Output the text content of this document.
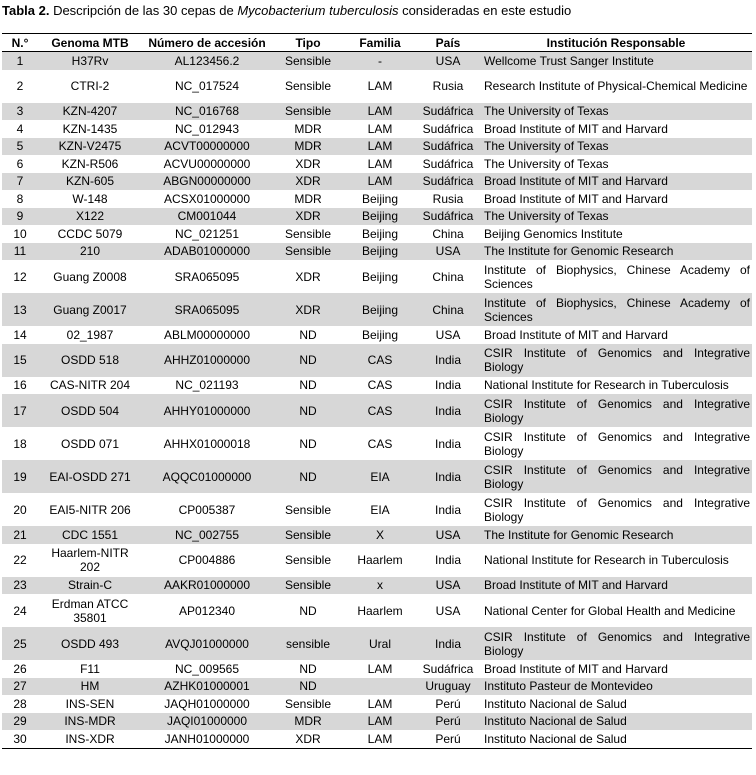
Tabla 2. Descripción de las 30 cepas de Mycobacterium tuberculosis consideradas en este estudio
N.°	Genoma MTB	Número de accesión	Tipo	Familia	País	Institución Responsable
1	H37Rv	AL123456.2	Sensible	-	USA	Wellcome Trust Sanger Institute
2	CTRI-2	NC_017524	Sensible	LAM	Rusia	Research Institute of Physical-Chemical Medicine
3	KZN-4207	NC_016768	Sensible	LAM	Sudáfrica	The University of Texas
4	KZN-1435	NC_012943	MDR	LAM	Sudáfrica	Broad Institute of MIT and Harvard
5	KZN-V2475	ACVT00000000	MDR	LAM	Sudáfrica	The University of Texas
6	KZN-R506	ACVU00000000	XDR	LAM	Sudáfrica	The University of Texas
7	KZN-605	ABGN00000000	XDR	LAM	Sudáfrica	Broad Institute of MIT and Harvard
8	W-148	ACSX01000000	MDR	Beijing	Rusia	Broad Institute of MIT and Harvard
9	X122	CM001044	XDR	Beijing	Sudáfrica	The University of Texas
10	CCDC 5079	NC_021251	Sensible	Beijing	China	Beijing Genomics Institute
11	210	ADAB01000000	Sensible	Beijing	USA	The Institute for Genomic Research
12	Guang Z0008	SRA065095	XDR	Beijing	China	Institute of Biophysics, Chinese Academy of Sciences
13	Guang Z0017	SRA065095	XDR	Beijing	China	Institute of Biophysics, Chinese Academy of Sciences
14	02_1987	ABLM00000000	ND	Beijing	USA	Broad Institute of MIT and Harvard
15	OSDD 518	AHHZ01000000	ND	CAS	India	CSIR Institute of Genomics and Integrative Biology
16	CAS-NITR 204	NC_021193	ND	CAS	India	National Institute for Research in Tuberculosis
17	OSDD 504	AHHY01000000	ND	CAS	India	CSIR Institute of Genomics and Integrative Biology
18	OSDD 071	AHHX01000018	ND	CAS	India	CSIR Institute of Genomics and Integrative Biology
19	EAI-OSDD 271	AQQC01000000	ND	EIA	India	CSIR Institute of Genomics and Integrative Biology
20	EAI5-NITR 206	CP005387	Sensible	EIA	India	CSIR Institute of Genomics and Integrative Biology
21	CDC 1551	NC_002755	Sensible	X	USA	The Institute for Genomic Research
22	Haarlem-NITR 202	CP004886	Sensible	Haarlem	India	National Institute for Research in Tuberculosis
23	Strain-C	AAKR01000000	Sensible	x	USA	Broad Institute of MIT and Harvard
24	Erdman ATCC 35801	AP012340	ND	Haarlem	USA	National Center for Global Health and Medicine
25	OSDD 493	AVQJ01000000	sensible	Ural	India	CSIR Institute of Genomics and Integrative Biology
26	F11	NC_009565	ND	LAM	Sudáfrica	Broad Institute of MIT and Harvard
27	HM	AZHK01000001	ND		Uruguay	Instituto Pasteur de Montevideo
28	INS-SEN	JAQH01000000	Sensible	LAM	Perú	Instituto Nacional de Salud
29	INS-MDR	JAQI01000000	MDR	LAM	Perú	Instituto Nacional de Salud
30	INS-XDR	JANH01000000	XDR	LAM	Perú	Instituto Nacional de Salud
